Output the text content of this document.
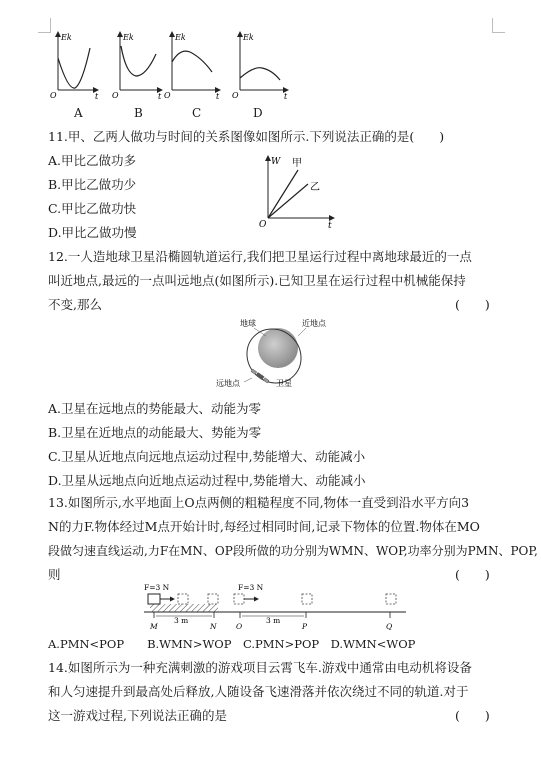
Ek
t
O
Ek
t
O
Ek
t
O
Ek
t
O
A	B	C	D
11.甲、乙两人做功与时间的关系图像如图所示.下列说法正确的是(　　)
A.甲比乙做功多
B.甲比乙做功少
C.甲比乙做功快
D.甲比乙做功慢
W 甲
乙
O	t
12.一人造地球卫星沿椭圆轨道运行,我们把卫星运行过程中离地球最近的一点
叫近地点,最远的一点叫远地点(如图所示).已知卫星在运行过程中机械能保持
不变,那么	(　　)
地球	近地点
远地点	卫星
A.卫星在远地点的势能最大、动能为零
B.卫星在近地点的动能最大、势能为零
C.卫星从近地点向远地点运动过程中,势能增大、动能减小
D.卫星从远地点向近地点运动过程中,势能增大、动能减小
13.如图所示,水平地面上O点两侧的粗糙程度不同,物体一直受到沿水平方向3
N的力F.物体经过M点开始计时,每经过相同时间,记录下物体的位置.物体在MO
段做匀速直线运动,力F在MN、OP段所做的功分别为WMN、WOP,功率分别为PMN、POP,
则	(　　)
F=3 N	F=3 N
3 m	3 m
M	N	O	P	Q
A.PMN<POP　　B.WMN>WOP　C.PMN>POP　D.WMN<WOP
14.如图所示为一种充满刺激的游戏项目云霄飞车.游戏中通常由电动机将设备
和人匀速提升到最高处后释放,人随设备飞速滑落并依次绕过不同的轨道.对于
这一游戏过程,下列说法正确的是	(　　)
